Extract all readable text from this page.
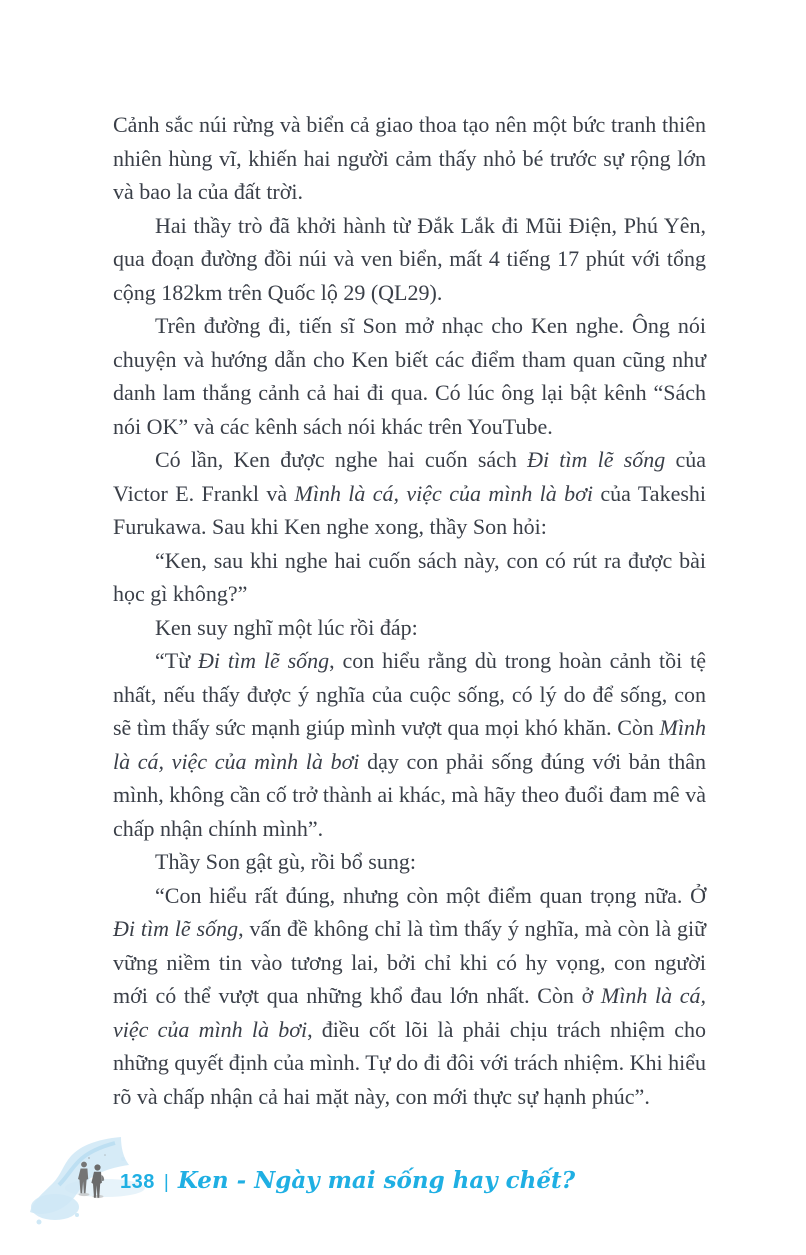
Cảnh sắc núi rừng và biển cả giao thoa tạo nên một bức tranh thiên nhiên hùng vĩ, khiến hai người cảm thấy nhỏ bé trước sự rộng lớn và bao la của đất trời.

Hai thầy trò đã khởi hành từ Đắk Lắk đi Mũi Điện, Phú Yên, qua đoạn đường đồi núi và ven biển, mất 4 tiếng 17 phút với tổng cộng 182km trên Quốc lộ 29 (QL29).

Trên đường đi, tiến sĩ Son mở nhạc cho Ken nghe. Ông nói chuyện và hướng dẫn cho Ken biết các điểm tham quan cũng như danh lam thắng cảnh cả hai đi qua. Có lúc ông lại bật kênh “Sách nói OK” và các kênh sách nói khác trên YouTube.

Có lần, Ken được nghe hai cuốn sách Đi tìm lẽ sống của Victor E. Frankl và Mình là cá, việc của mình là bơi của Takeshi Furukawa. Sau khi Ken nghe xong, thầy Son hỏi:

“Ken, sau khi nghe hai cuốn sách này, con có rút ra được bài học gì không?”

Ken suy nghĩ một lúc rồi đáp:

“Từ Đi tìm lẽ sống, con hiểu rằng dù trong hoàn cảnh tồi tệ nhất, nếu thấy được ý nghĩa của cuộc sống, có lý do để sống, con sẽ tìm thấy sức mạnh giúp mình vượt qua mọi khó khăn. Còn Mình là cá, việc của mình là bơi dạy con phải sống đúng với bản thân mình, không cần cố trở thành ai khác, mà hãy theo đuổi đam mê và chấp nhận chính mình”.

Thầy Son gật gù, rồi bổ sung:

“Con hiểu rất đúng, nhưng còn một điểm quan trọng nữa. Ở Đi tìm lẽ sống, vấn đề không chỉ là tìm thấy ý nghĩa, mà còn là giữ vững niềm tin vào tương lai, bởi chỉ khi có hy vọng, con người mới có thể vượt qua những khổ đau lớn nhất. Còn ở Mình là cá, việc của mình là bơi, điều cốt lõi là phải chịu trách nhiệm cho những quyết định của mình. Tự do đi đôi với trách nhiệm. Khi hiểu rõ và chấp nhận cả hai mặt này, con mới thực sự hạnh phúc”.

138 | Ken - Ngày mai sống hay chết?
